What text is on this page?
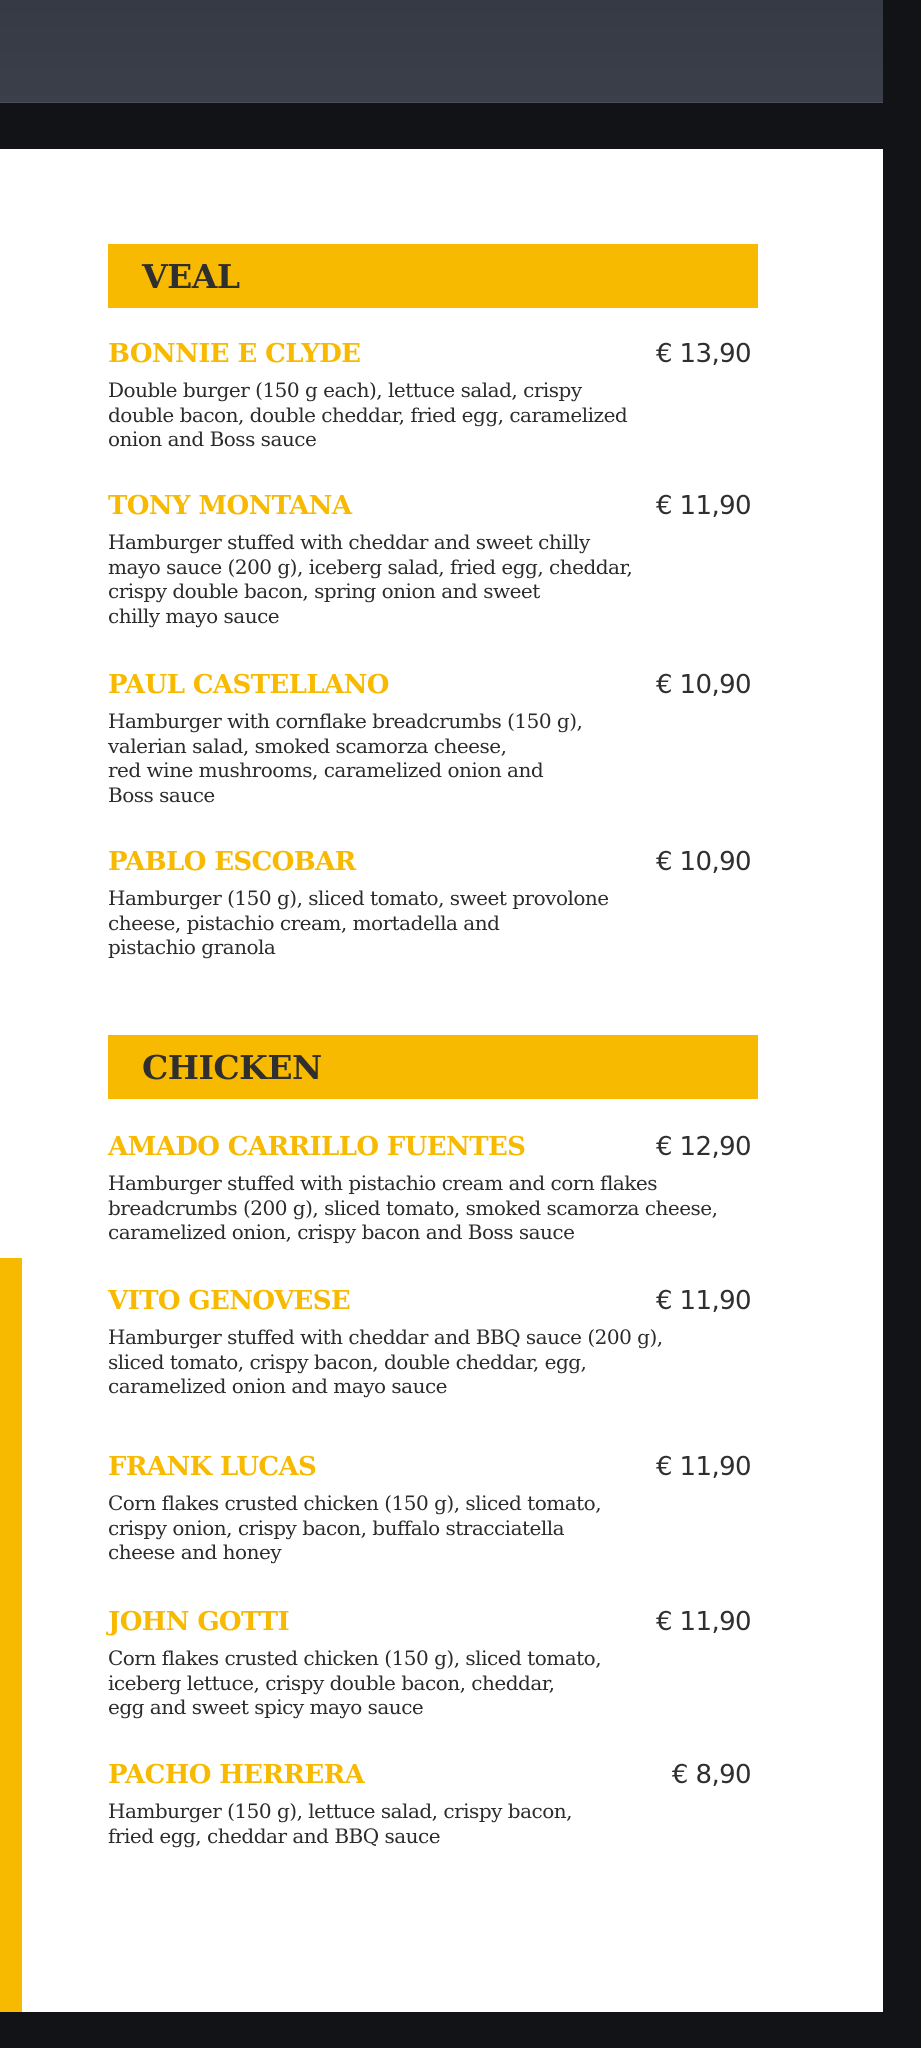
VEAL
BONNIE E CLYDE	€ 13,90
Double burger (150 g each), lettuce salad, crispy
double bacon, double cheddar, fried egg, caramelized
onion and Boss sauce
TONY MONTANA	€ 11,90
Hamburger stuffed with cheddar and sweet chilly
mayo sauce (200 g), iceberg salad, fried egg, cheddar,
crispy double bacon, spring onion and sweet
chilly mayo sauce
PAUL CASTELLANO	€ 10,90
Hamburger with cornflake breadcrumbs (150 g),
valerian salad, smoked scamorza cheese,
red wine mushrooms, caramelized onion and
Boss sauce
PABLO ESCOBAR	€ 10,90
Hamburger (150 g), sliced tomato, sweet provolone
cheese, pistachio cream, mortadella and
pistachio granola
CHICKEN
AMADO CARRILLO FUENTES	€ 12,90
Hamburger stuffed with pistachio cream and corn flakes
breadcrumbs (200 g), sliced tomato, smoked scamorza cheese,
caramelized onion, crispy bacon and Boss sauce
VITO GENOVESE	€ 11,90
Hamburger stuffed with cheddar and BBQ sauce (200 g),
sliced tomato, crispy bacon, double cheddar, egg,
caramelized onion and mayo sauce
FRANK LUCAS	€ 11,90
Corn flakes crusted chicken (150 g), sliced tomato,
crispy onion, crispy bacon, buffalo stracciatella
cheese and honey
JOHN GOTTI	€ 11,90
Corn flakes crusted chicken (150 g), sliced tomato,
iceberg lettuce, crispy double bacon, cheddar,
egg and sweet spicy mayo sauce
PACHO HERRERA	€ 8,90
Hamburger (150 g), lettuce salad, crispy bacon,
fried egg, cheddar and BBQ sauce
